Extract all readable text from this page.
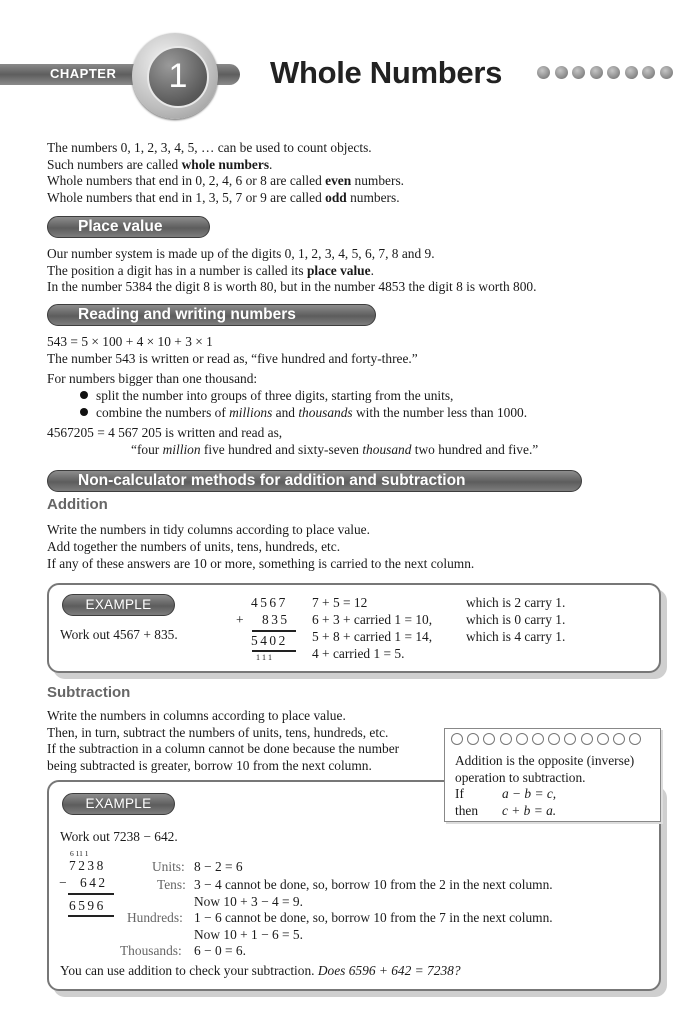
CHAPTER	1	Whole Numbers
The numbers 0, 1, 2, 3, 4, 5, … can be used to count objects.
Such numbers are called whole numbers.
Whole numbers that end in 0, 2, 4, 6 or 8 are called even numbers.
Whole numbers that end in 1, 3, 5, 7 or 9 are called odd numbers.
Place value
Our number system is made up of the digits 0, 1, 2, 3, 4, 5, 6, 7, 8 and 9.
The position a digit has in a number is called its place value.
In the number 5384 the digit 8 is worth 80, but in the number 4853 the digit 8 is worth 800.
Reading and writing numbers
543 = 5 × 100 + 4 × 10 + 3 × 1
The number 543 is written or read as, “five hundred and forty-three.”
For numbers bigger than one thousand:
split the number into groups of three digits, starting from the units,
combine the numbers of millions and thousands with the number less than 1000.
4567205 = 4 567 205 is written and read as,
“four million five hundred and sixty-seven thousand two hundred and five.”
Non-calculator methods for addition and subtraction
Addition
Write the numbers in tidy columns according to place value.
Add together the numbers of units, tens, hundreds, etc.
If any of these answers are 10 or more, something is carried to the next column.
EXAMPLE
Work out 4567 + 835.
4567
+ 835
5402
1 1 1
7 + 5 = 12	which is 2 carry 1.
6 + 3 + carried 1 = 10,	which is 0 carry 1.
5 + 8 + carried 1 = 14,	which is 4 carry 1.
4 + carried 1 = 5.
Subtraction
Write the numbers in columns according to place value.
Then, in turn, subtract the numbers of units, tens, hundreds, etc.
If the subtraction in a column cannot be done because the number
being subtracted is greater, borrow 10 from the next column.
EXAMPLE
Addition is the opposite (inverse)
operation to subtraction.
If	a − b = c,
then c + b = a.
Work out 7238 − 642.
6 11 1
7238
− 642
6596
Units: 8 − 2 = 6
Tens: 3 − 4 cannot be done, so, borrow 10 from the 2 in the next column.
Now 10 + 3 − 4 = 9.
Hundreds: 1 − 6 cannot be done, so, borrow 10 from the 7 in the next column.
Now 10 + 1 − 6 = 5.
Thousands: 6 − 0 = 6.
You can use addition to check your subtraction. Does 6596 + 642 = 7238?
